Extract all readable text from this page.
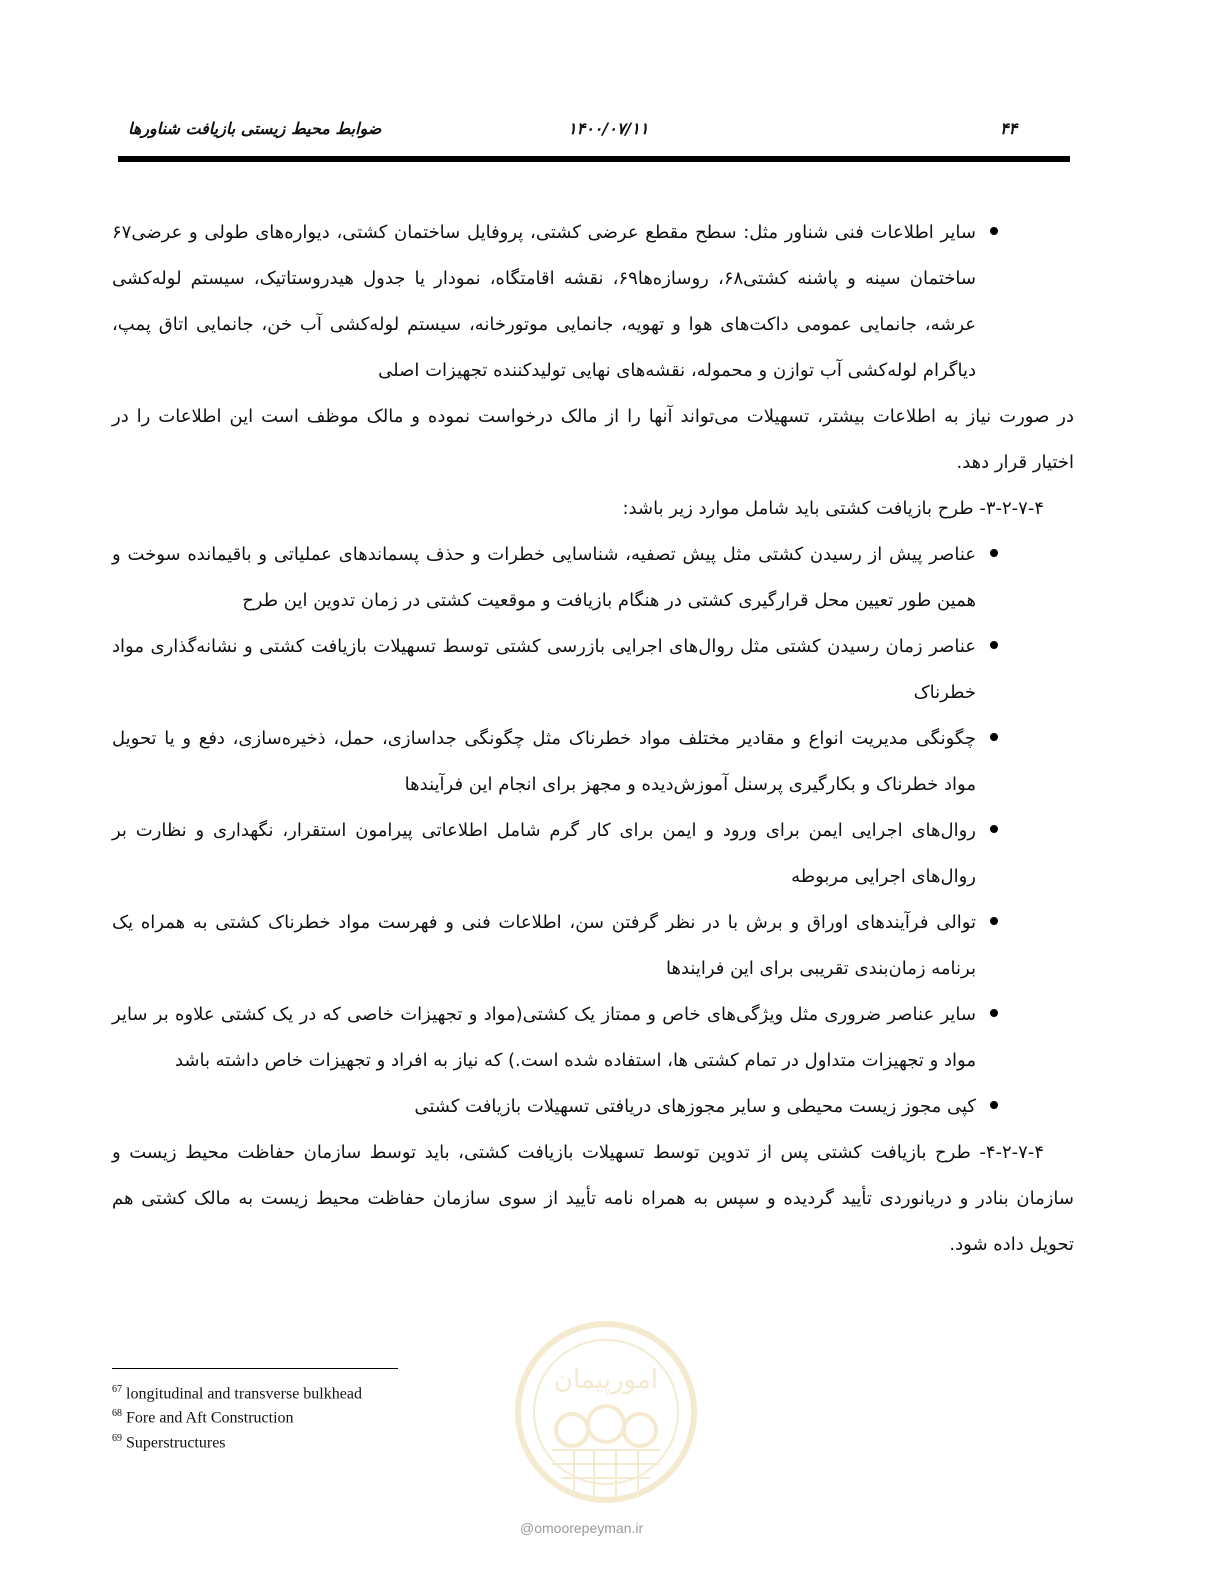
۴۴
۱۴۰۰/۰۷/۱۱
ضوابط محیط زیستی بازیافت شناورها
سایر اطلاعات فنی شناور مثل: سطح مقطع عرضی کشتی، پروفایل ساختمان کشتی، دیواره‌های طولی و عرضی۶۷ ساختمان سینه و پاشنه کشتی۶۸، روسازه‌ها۶۹، نقشه اقامتگاه، نمودار یا جدول هیدروستاتیک، سیستم لوله‌کشی عرشه، جانمایی عمومی داکت‌های هوا و تهویه، جانمایی موتورخانه، سیستم لوله‌کشی آب خن، جانمایی اتاق پمپ، دیاگرام لوله‌کشی آب توازن و محموله، نقشه‌های نهایی تولیدکننده تجهیزات اصلی

در صورت نیاز به اطلاعات بیشتر، تسهیلات می‌تواند آنها را از مالک درخواست نموده و مالک موظف است این اطلاعات را در اختیار قرار دهد.

۳-۲-۷-۴- طرح بازیافت کشتی باید شامل موارد زیر باشد:

عناصر پیش از رسیدن کشتی مثل پیش تصفیه، شناسایی خطرات و حذف پسماندهای عملیاتی و باقیمانده سوخت و همین طور تعیین محل قرارگیری کشتی در هنگام بازیافت و موقعیت کشتی در زمان تدوین این طرح
عناصر زمان رسیدن کشتی مثل روال‌های اجرایی بازرسی کشتی توسط تسهیلات بازیافت کشتی و نشانه‌گذاری مواد خطرناک
چگونگی مدیریت انواع و مقادیر مختلف مواد خطرناک مثل چگونگی جداسازی، حمل، ذخیره‌سازی، دفع و یا تحویل مواد خطرناک و بکارگیری پرسنل آموزش‌دیده و مجهز برای انجام این فرآیندها
روال‌های اجرایی ایمن برای ورود و ایمن برای کار گرم شامل اطلاعاتی پیرامون استقرار، نگهداری و نظارت بر روال‌های اجرایی مربوطه
توالی فرآیندهای اوراق و برش با در نظر گرفتن سن، اطلاعات فنی و فهرست مواد خطرناک کشتی به همراه یک برنامه زمان‌بندی تقریبی برای این فرایندها
سایر عناصر ضروری مثل ویژگی‌های خاص و ممتاز یک کشتی(مواد و تجهیزات خاصی که در یک کشتی علاوه بر سایر مواد و تجهیزات متداول در تمام کشتی ها، استفاده شده است.) که نیاز به افراد و تجهیزات خاص داشته باشد
کپی مجوز زیست محیطی و سایر مجوزهای دریافتی تسهیلات بازیافت کشتی

۴-۲-۷-۴- طرح بازیافت کشتی پس از تدوین توسط تسهیلات بازیافت کشتی، باید توسط سازمان حفاظت محیط زیست و سازمان بنادر و دریانوردی تأیید گردیده و سپس به همراه نامه تأیید از سوی سازمان حفاظت محیط زیست به مالک کشتی هم تحویل داده شود.

$^{67}$ longitudinal and transverse bulkhead
$^{68}$ Fore and Aft Construction
$^{69}$ Superstructures
امورپیمان
@omoorepeyman.ir
